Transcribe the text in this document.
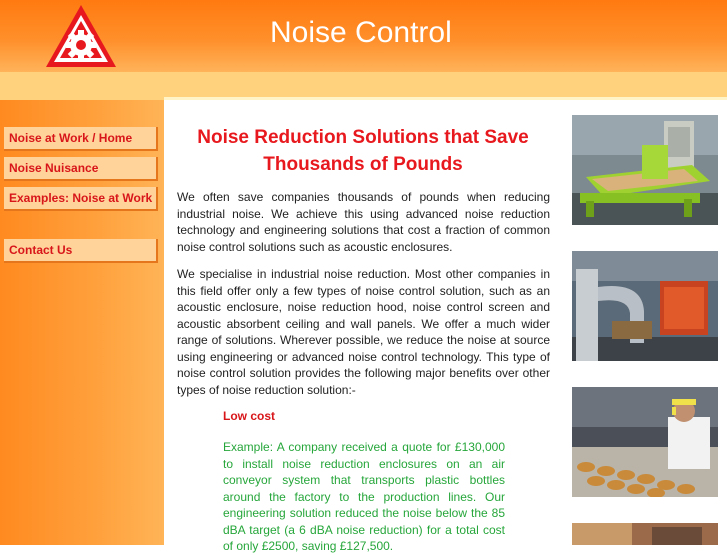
Noise Control
Noise at Work / Home
Noise Nuisance
Examples: Noise at Work
Contact Us
Noise Reduction Solutions that Save
Thousands of Pounds

We often save companies thousands of pounds when reducing industrial noise. We achieve this using advanced noise reduction technology and engineering solutions that cost a fraction of common noise control solutions such as acoustic enclosures.

We specialise in industrial noise reduction. Most other companies in this field offer only a few types of noise control solution, such as an acoustic enclosure, noise reduction hood, noise control screen and acoustic absorbent ceiling and wall panels. We offer a much wider range of solutions. Wherever possible, we reduce the noise at source using engineering or advanced noise control technology. This type of noise control solution provides the following major benefits over other types of noise reduction solution:-

Low cost

Example: A company received a quote for £130,000 to install noise reduction enclosures on an air conveyor system that transports plastic bottles around the factory to the production lines. Our engineering solution reduced the noise below the 85 dBA target (a 6 dBA noise reduction) for a total cost of only £2500, saving £127,500.
